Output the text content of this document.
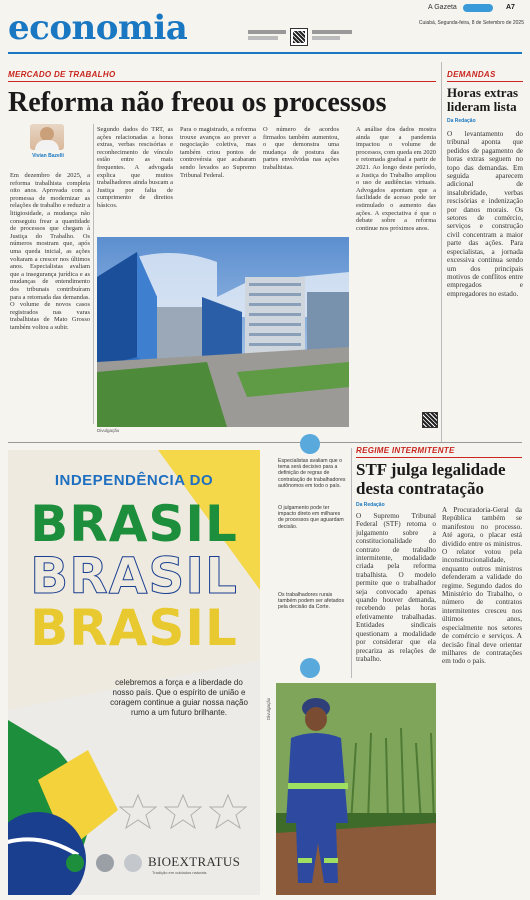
economia
A Gazeta	A7
Cuiabá, Segunda-feira, 8 de Setembro de 2025
MERCADO DE TRABALHO
Reforma não freou os processos
Vivian Bazelli
Em dezembro de 2025, a reforma trabalhista completa oito anos. Aprovada com a promessa de modernizar as relações de trabalho e reduzir a litigiosidade, a mudança não conseguiu frear a quantidade de processos que chegam à Justiça do Trabalho. Os números mostram que, após uma queda inicial, as ações voltaram a crescer nos últimos anos. Especialistas avaliam que a insegurança jurídica e as mudanças de entendimento dos tribunais contribuíram para a retomada das demandas. O volume de novos casos registrados nas varas trabalhistas de Mato Grosso também voltou a subir.
Segundo dados do TRT, as ações relacionadas a horas extras, verbas rescisórias e reconhecimento de vínculo estão entre as mais frequentes. A advogada explica que muitos trabalhadores ainda buscam a Justiça por falta de cumprimento de direitos básicos.
Para o magistrado, a reforma trouxe avanços ao prever a negociação coletiva, mas também criou pontos de controvérsia que acabaram sendo levados ao Supremo Tribunal Federal.
O número de acordos firmados também aumentou, o que demonstra uma mudança de postura das partes envolvidas nas ações trabalhistas.
A análise dos dados mostra ainda que a pandemia impactou o volume de processos, com queda em 2020 e retomada gradual a partir de 2021. Ao longo deste período, a Justiça do Trabalho ampliou o uso de audiências virtuais. Advogados apontam que a facilidade de acesso pode ter estimulado o aumento das ações. A expectativa é que o debate sobre a reforma continue nos próximos anos.
Divulgação
DEMANDAS
Horas extras lideram lista
Da Redação
O levantamento do tribunal aponta que pedidos de pagamento de horas extras seguem no topo das demandas. Em seguida aparecem adicional de insalubridade, verbas rescisórias e indenização por danos morais. Os setores de comércio, serviços e construção civil concentram a maior parte das ações. Para especialistas, a jornada excessiva continua sendo um dos principais motivos de conflitos entre empregados e empregadores no estado.
INDEPENDÊNCIA DO
BRASIL
BRASIL
BRASIL
celebremos a força e a liberdade do nosso país. Que o espírito de união e coragem continue a guiar nossa nação rumo a um futuro brilhante.
BIOEXTRATUS
Tradição em cuidados naturais
Especialistas avaliam que o tema será decisivo para a definição de regras de contratação de trabalhadores autônomos em todo o país.
O julgamento pode ter impacto direto em milhares de processos que aguardam decisão.
Os trabalhadores rurais também podem ser afetados pela decisão da Corte.
REGIME INTERMITENTE
STF julga legalidade desta contratação
Da Redação
O Supremo Tribunal Federal (STF) retoma o julgamento sobre a constitucionalidade do contrato de trabalho intermitente, modalidade criada pela reforma trabalhista. O modelo permite que o trabalhador seja convocado apenas quando houver demanda, recebendo pelas horas efetivamente trabalhadas. Entidades sindicais questionam a modalidade por considerar que ela precariza as relações de trabalho.
A Procuradoria-Geral da República também se manifestou no processo. Até agora, o placar está dividido entre os ministros. O relator votou pela inconstitucionalidade, enquanto outros ministros defenderam a validade do regime. Segundo dados do Ministério do Trabalho, o número de contratos intermitentes cresceu nos últimos anos, especialmente nos setores de comércio e serviços. A decisão final deve orientar milhares de contratações em todo o país.
Divulgação
